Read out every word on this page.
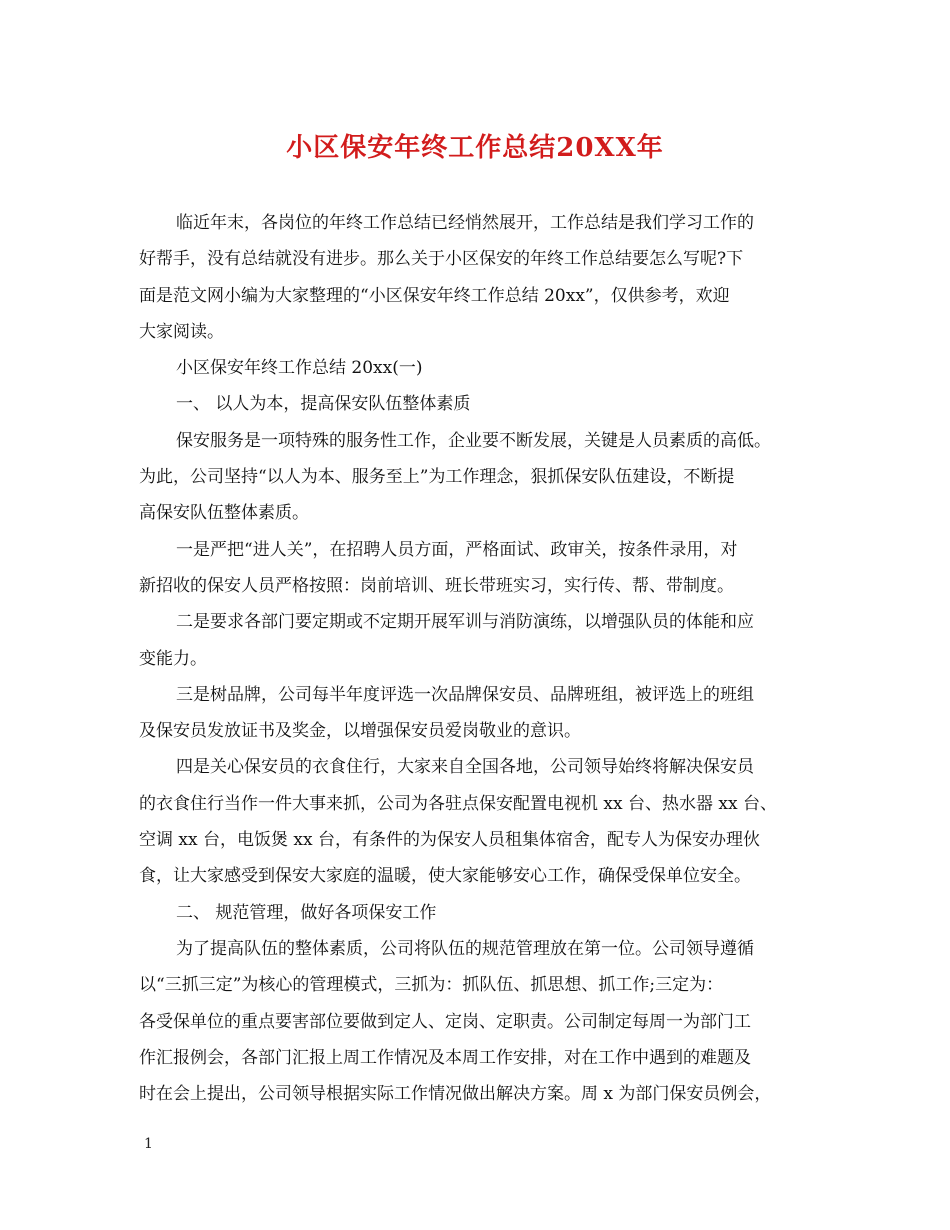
小区保安年终工作总结20XX年
临近年末，各岗位的年终工作总结已经悄然展开，工作总结是我们学习工作的
好帮手，没有总结就没有进步。那么关于小区保安的年终工作总结要怎么写呢?下
面是范文网小编为大家整理的“小区保安年终工作总结 20xx”，仅供参考，欢迎
大家阅读。
小区保安年终工作总结 20xx(一)
一、 以人为本，提高保安队伍整体素质
保安服务是一项特殊的服务性工作，企业要不断发展，关键是人员素质的高低。
为此，公司坚持“以人为本、服务至上”为工作理念，狠抓保安队伍建设，不断提
高保安队伍整体素质。
一是严把“进人关”，在招聘人员方面，严格面试、政审关，按条件录用，对
新招收的保安人员严格按照：岗前培训、班长带班实习，实行传、帮、带制度。
二是要求各部门要定期或不定期开展军训与消防演练，以增强队员的体能和应
变能力。
三是树品牌，公司每半年度评选一次品牌保安员、品牌班组，被评选上的班组
及保安员发放证书及奖金，以增强保安员爱岗敬业的意识。
四是关心保安员的衣食住行，大家来自全国各地，公司领导始终将解决保安员
的衣食住行当作一件大事来抓，公司为各驻点保安配置电视机 xx 台、热水器 xx 台、
空调 xx 台，电饭煲 xx 台，有条件的为保安人员租集体宿舍，配专人为保安办理伙
食，让大家感受到保安大家庭的温暖，使大家能够安心工作，确保受保单位安全。
二、 规范管理，做好各项保安工作
为了提高队伍的整体素质，公司将队伍的规范管理放在第一位。公司领导遵循
以“三抓三定”为核心的管理模式，三抓为：抓队伍、抓思想、抓工作;三定为：
各受保单位的重点要害部位要做到定人、定岗、定职责。公司制定每周一为部门工
作汇报例会，各部门汇报上周工作情况及本周工作安排，对在工作中遇到的难题及
时在会上提出，公司领导根据实际工作情况做出解决方案。周 x 为部门保安员例会，
1
